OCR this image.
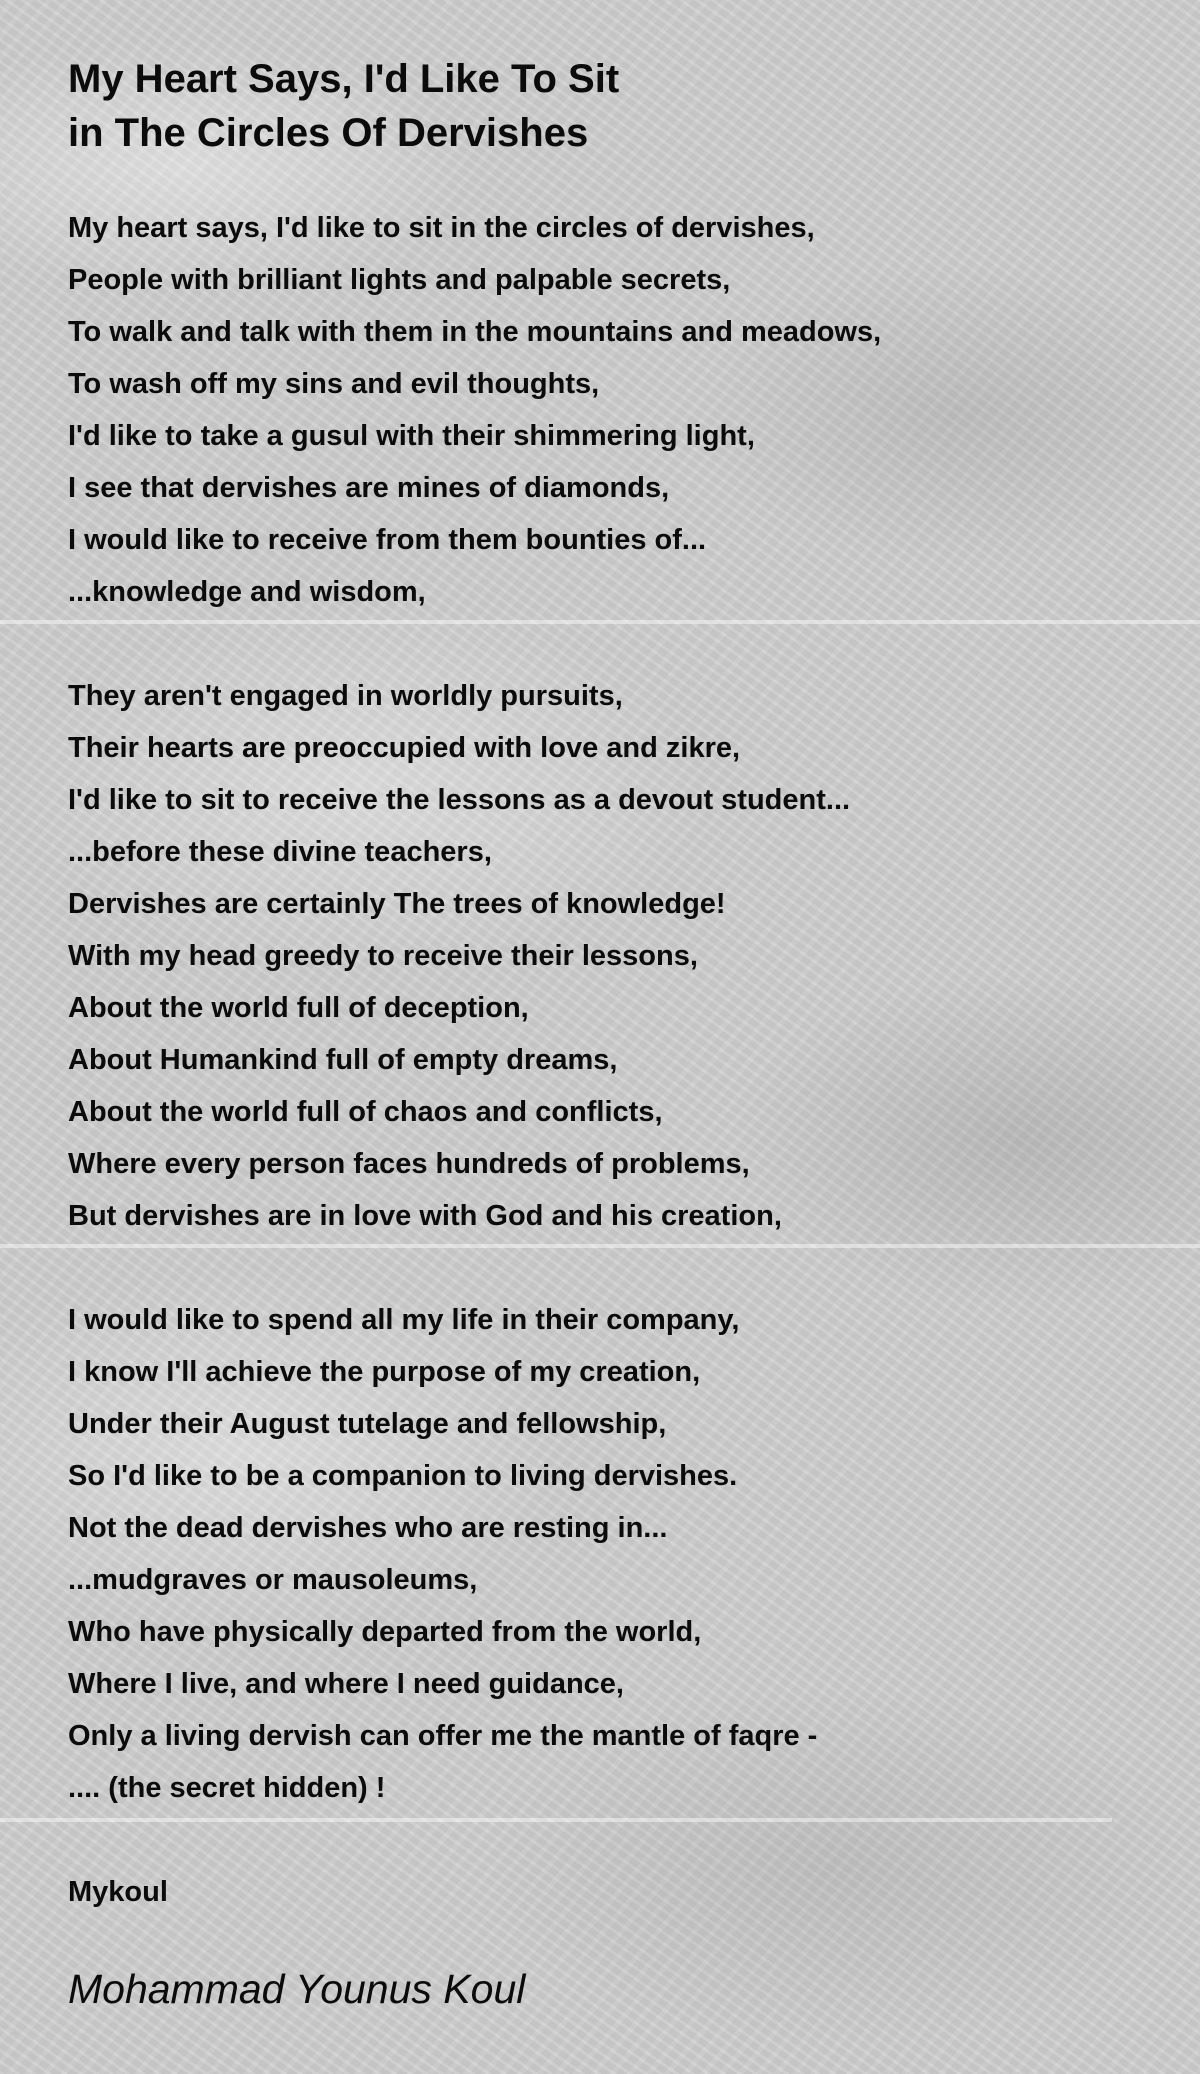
My Heart Says, I'd Like To Sit
in The Circles Of Dervishes
My heart says, I'd like to sit in the circles of dervishes,
People with brilliant lights and palpable secrets,
To walk and talk with them in the mountains and meadows,
To wash off my sins and evil thoughts,
I'd like to take a gusul with their shimmering light,
I see that dervishes are mines of diamonds,
I would like to receive from them bounties of...
...knowledge and wisdom,
They aren't engaged in worldly pursuits,
Their hearts are preoccupied with love and zikre,
I'd like to sit to receive the lessons as a devout student...
...before these divine teachers,
Dervishes are certainly The trees of knowledge!
With my head greedy to receive their lessons,
About the world full of deception,
About Humankind full of empty dreams,
About the world full of chaos and conflicts,
Where every person faces hundreds of problems,
But dervishes are in love with God and his creation,
I would like to spend all my life in their company,
I know I'll achieve the purpose of my creation,
Under their August tutelage and fellowship,
So I'd like to be a companion to living dervishes.
Not the dead dervishes who are resting in...
...mudgraves or mausoleums,
Who have physically departed from the world,
Where I live, and where I need guidance,
Only a living dervish can offer me the mantle of faqre -
.... (the secret hidden) !
Mykoul
Mohammad Younus Koul
